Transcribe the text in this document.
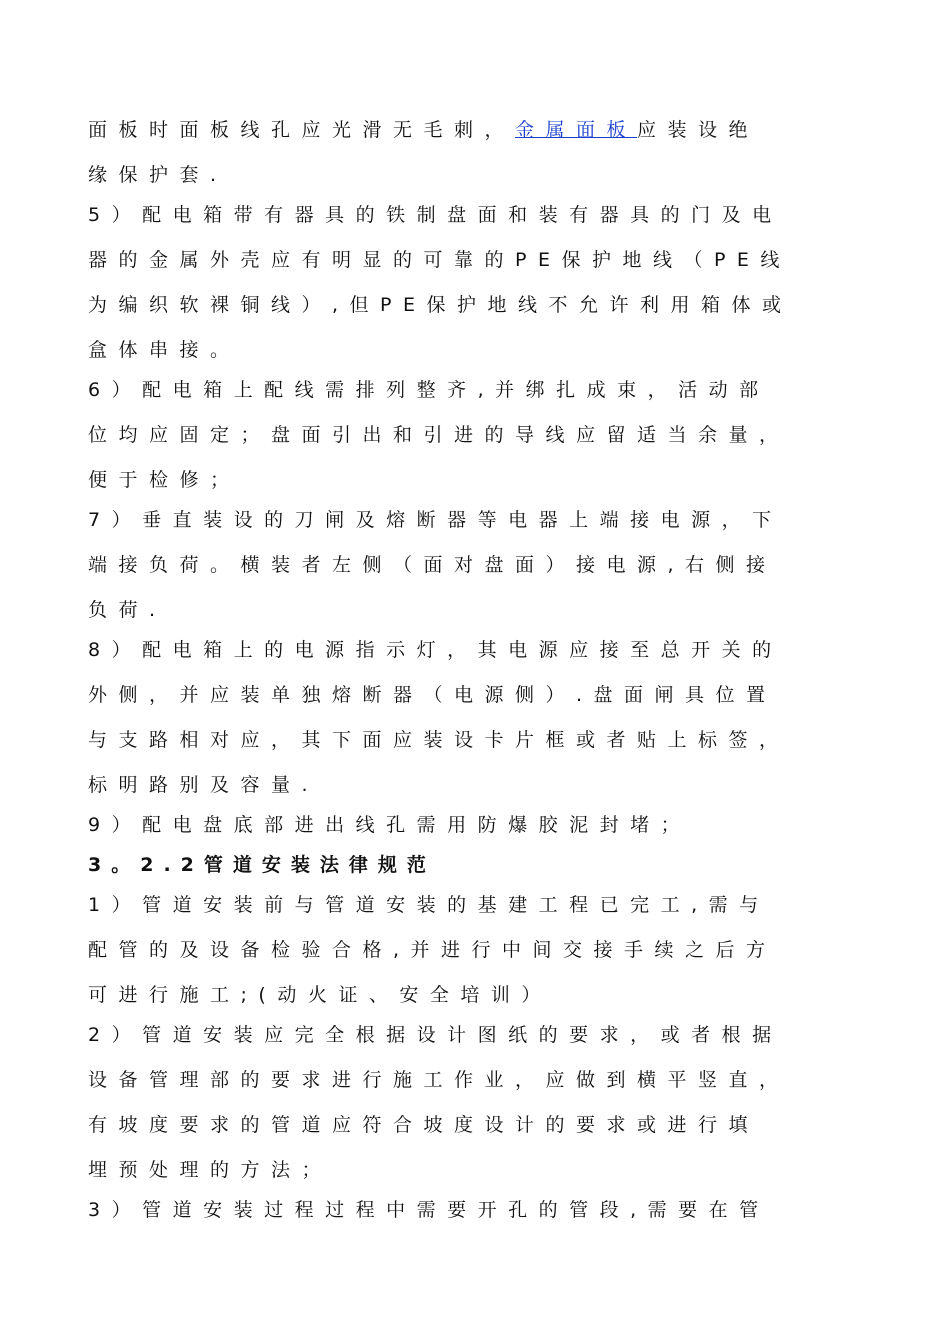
面板时面板线孔应光滑无毛刺，金属面板应装设绝
缘保护套.
5）配电箱带有器具的铁制盘面和装有器具的门及电
器的金属外壳应有明显的可靠的PE保护地线（PE线
为编织软裸铜线）,但PE保护地线不允许利用箱体或
盒体串接。
6）配电箱上配线需排列整齐,并绑扎成束，活动部
位均应固定；盘面引出和引进的导线应留适当余量，
便于检修；
7）垂直装设的刀闸及熔断器等电器上端接电源，下
端接负荷。横装者左侧（面对盘面）接电源,右侧接
负荷.
8）配电箱上的电源指示灯，其电源应接至总开关的
外侧，并应装单独熔断器（电源侧）.盘面闸具位置
与支路相对应，其下面应装设卡片框或者贴上标签，
标明路别及容量.
9）配电盘底部进出线孔需用防爆胶泥封堵；
3。2.2管道安装法律规范
1）管道安装前与管道安装的基建工程已完工,需与
配管的及设备检验合格,并进行中间交接手续之后方
可进行施工;(动火证、安全培训）
2）管道安装应完全根据设计图纸的要求，或者根据
设备管理部的要求进行施工作业，应做到横平竖直，
有坡度要求的管道应符合坡度设计的要求或进行填
埋预处理的方法；
3）管道安装过程过程中需要开孔的管段,需要在管
